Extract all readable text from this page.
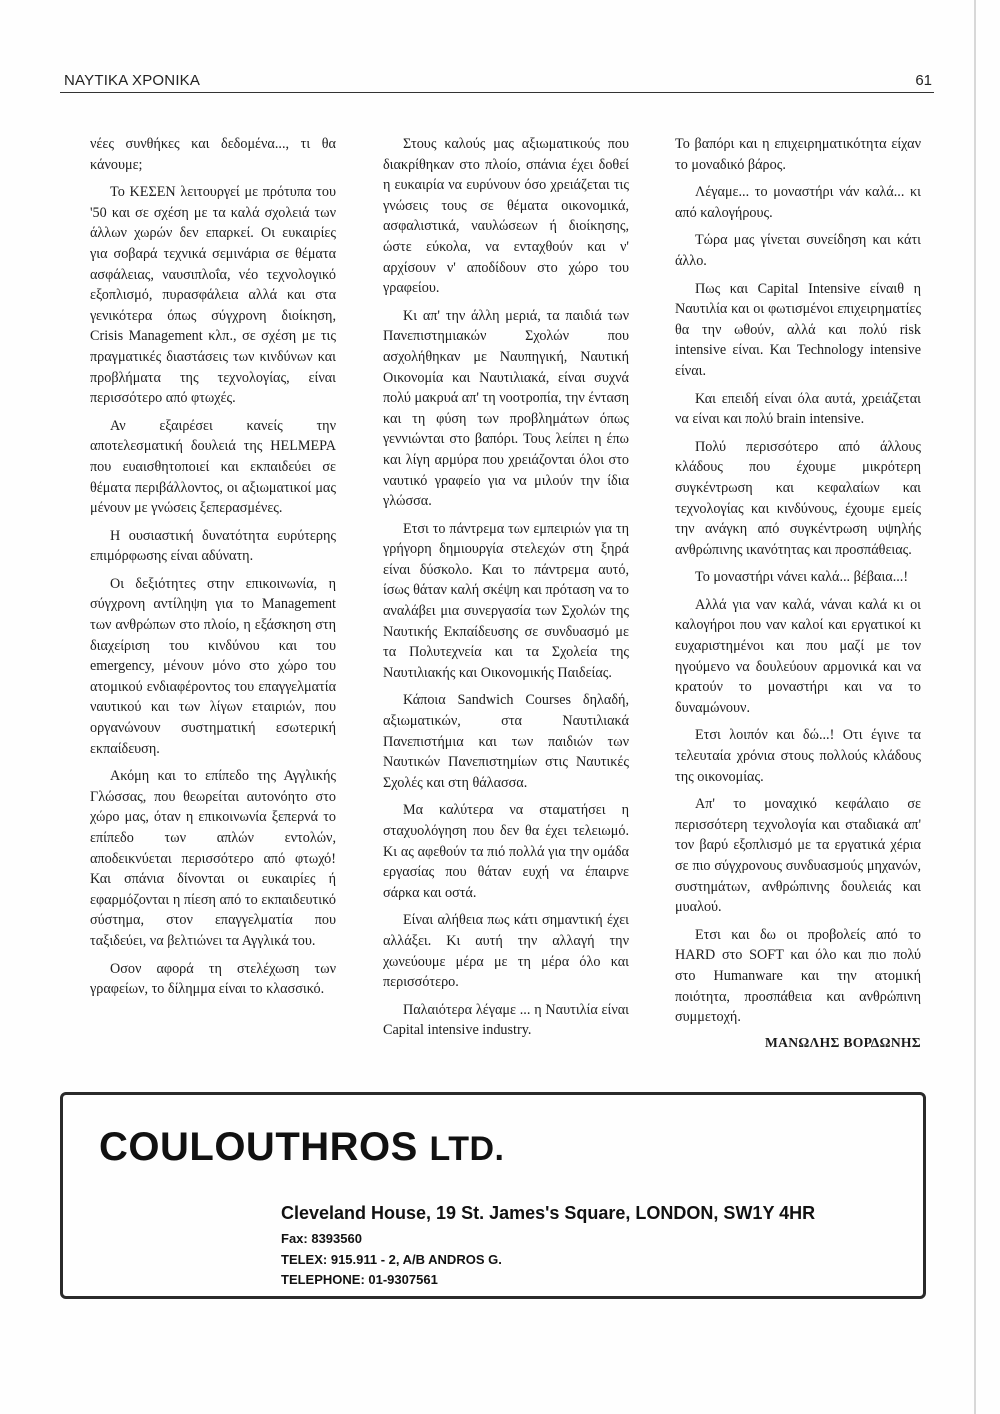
ΝΑΥΤΙΚΑ ΧΡΟΝΙΚΑ	61

νέες συνθήκες και δεδομένα..., τι θα κάνουμε;

Το ΚΕΣΕΝ λειτουργεί με πρότυπα του '50 και σε σχέση με τα καλά σχολειά των άλλων χωρών δεν επαρκεί. Οι ευκαιρίες για σοβαρά τεχνικά σεμινάρια σε θέματα ασφάλειας, ναυσιπλοΐα, νέο τεχνολογικό εξοπλισμό, πυρασφάλεια αλλά και στα γενικότερα όπως σύγχρονη διοίκηση, Crisis Management κλπ., σε σχέση με τις πραγματικές διαστάσεις των κινδύνων και προβλήματα της τεχνολογίας, είναι περισσότερο από φτωχές.

Αν εξαιρέσει κανείς την αποτελεσματική δουλειά της HELMEPA που ευαισθητοποιεί και εκπαιδεύει σε θέματα περιβάλλοντος, οι αξιωματικοί μας μένουν με γνώσεις ξεπερασμένες.

Η ουσιαστική δυνατότητα ευρύτερης επιμόρφωσης είναι αδύνατη.

Οι δεξιότητες στην επικοινωνία, η σύγχρονη αντίληψη για το Management των ανθρώπων στο πλοίο, η εξάσκηση στη διαχείριση του κινδύνου και του emergency, μένουν μόνο στο χώρο του ατομικού ενδιαφέροντος του επαγγελματία ναυτικού και των λίγων εταιριών, που οργανώνουν συστηματική εσωτερική εκπαίδευση.

Ακόμη και το επίπεδο της Αγγλικής Γλώσσας, που θεωρείται αυτονόητο στο χώρο μας, όταν η επικοινωνία ξεπερνά το επίπεδο των απλών εντολών, αποδεικνύεται περισσότερο από φτωχό! Και σπάνια δίνονται οι ευκαιρίες ή εφαρμόζονται η πίεση από το εκπαιδευτικό σύστημα, στον επαγγελματία που ταξιδεύει, να βελτιώνει τα Αγγλικά του.

Οσον αφορά τη στελέχωση των γραφείων, το δίλημμα είναι το κλασσικό.

Στους καλούς μας αξιωματικούς που διακρίθηκαν στο πλοίο, σπάνια έχει δοθεί η ευκαιρία να ευρύνουν όσο χρειάζεται τις γνώσεις τους σε θέματα οικονομικά, ασφαλιστικά, ναυλώσεων ή διοίκησης, ώστε εύκολα, να ενταχθούν και ν' αρχίσουν ν' αποδίδουν στο χώρο του γραφείου.

Κι απ' την άλλη μεριά, τα παιδιά των Πανεπιστημιακών Σχολών που ασχολήθηκαν με Ναυπηγική, Ναυτική Οικονομία και Ναυτιλιακά, είναι συχνά πολύ μακρυά απ' τη νοοτροπία, την ένταση και τη φύση των προβλημάτων όπως γεννιώνται στο βαπόρι. Τους λείπει η έπω και λίγη αρμύρα που χρειάζονται όλοι στο ναυτικό γραφείο για να μιλούν την ίδια γλώσσα.

Ετσι το πάντρεμα των εμπειριών για τη γρήγορη δημιουργία στελεχών στη ξηρά είναι δύσκολο. Και το πάντρεμα αυτό, ίσως θάταν καλή σκέψη και πρόταση να το αναλάβει μια συνεργασία των Σχολών της Ναυτικής Εκπαίδευσης σε συνδυασμό με τα Πολυτεχνεία και τα Σχολεία της Ναυτιλιακής και Οικονομικής Παιδείας.

Κάποια Sandwich Courses δηλαδή, αξιωματικών, στα Ναυτιλιακά Πανεπιστήμια και των παιδιών των Ναυτικών Πανεπιστημίων στις Ναυτικές Σχολές και στη θάλασσα.

Μα καλύτερα να σταματήσει η σταχυολόγηση που δεν θα έχει τελειωμό. Κι ας αφεθούν τα πιό πολλά για την ομάδα εργασίας που θάταν ευχή να έπαιρνε σάρκα και οστά.

Είναι αλήθεια πως κάτι σημαντική έχει αλλάξει. Κι αυτή την αλλαγή την χωνεύουμε μέρα με τη μέρα όλο και περισσότερο.

Παλαιότερα λέγαμε ... η Ναυτιλία είναι Capital intensive industry.

Το βαπόρι και η επιχειρηματικότητα είχαν το μοναδικό βάρος.

Λέγαμε... το μοναστήρι νάν καλά... κι από καλογήρους.

Τώρα μας γίνεται συνείδηση και κάτι άλλο.

Πως και Capital Intensive είναιθ η Ναυτιλία και οι φωτισμένοι επιχειρηματίες θα την ωθούν, αλλά και πολύ risk intensive είναι. Και Technology intensive είναι.

Και επειδή είναι όλα αυτά, χρειάζεται να είναι και πολύ brain intensive.

Πολύ περισσότερο από άλλους κλάδους που έχουμε μικρότερη συγκέντρωση και κεφαλαίων και τεχνολογίας και κινδύνους, έχουμε εμείς την ανάγκη από συγκέντρωση υψηλής ανθρώπινης ικανότητας και προσπάθειας.

Το μοναστήρι νάνει καλά... βέβαια...!

Αλλά για ναν καλά, νάναι καλά κι οι καλογήροι που ναν καλοί και εργατικοί κι ευχαριστημένοι και που μαζί με τον ηγούμενο να δουλεύουν αρμονικά και να κρατούν το μοναστήρι και να το δυναμώνουν.

Ετσι λοιπόν και δώ...! Οτι έγινε τα τελευταία χρόνια στους πολλούς κλάδους της οικονομίας.

Απ' το μοναχικό κεφάλαιο σε περισσότερη τεχνολογία και σταδιακά απ' τον βαρύ εξοπλισμό με τα εργατικά χέρια σε πιο σύγχρονους συνδυασμούς μηχανών, συστημάτων, ανθρώπινης δουλειάς και μυαλού.

Ετσι και δω οι προβολείς από το HARD στο SOFT και όλο και πιο πολύ στο Humanware και την ατομική ποιότητα, προσπάθεια και ανθρώπινη συμμετοχή.

ΜΑΝΩΛΗΣ ΒΟΡΔΩΝΗΣ
COULOUTHROS LTD.
Cleveland House, 19 St. James's Square, LONDON, SW1Y 4HR
Fax: 8393560
TELEX: 915.911 - 2, A/B ANDROS G.
TELEPHONE: 01-9307561
